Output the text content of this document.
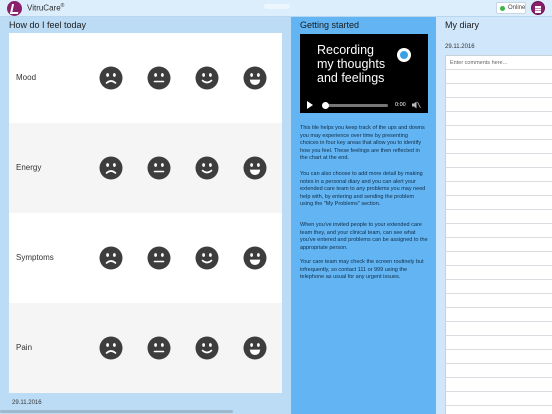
VitruCare®	Online
How do I feel today
Mood
Energy
Symptoms
Pain
29.11.2016
Getting started
Recording
my thoughts
and feelings
0:00

This tile helps you keep track of the ups and downs you may experience over time by presenting choices in four key areas that allow you to identify how you feel. These feelings are then reflected in the chart at the end.

You can also choose to add more detail by making notes in a personal diary and you can alert your extended care team to any problems you may need help with, by entering and sending the problem using the "My Problems" section.

When you've invited people to your extended care team they, and your clinical team, can see what you've entered and problems can be assigned to the appropriate person.

Your care team may check the screen routinely but infrequently, so contact 111 or 999 using the telephone as usual for any urgent issues.

My diary
29.11.2016
Enter comments here...
